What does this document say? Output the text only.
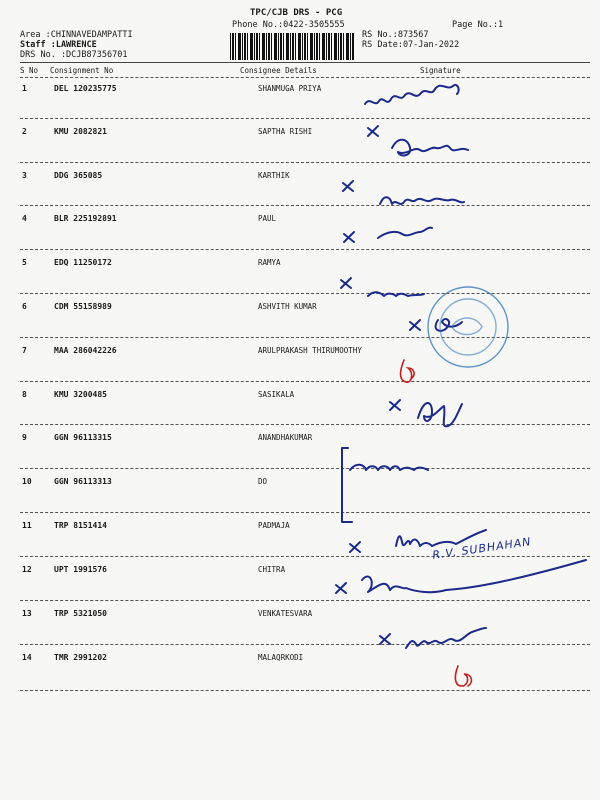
TPC/CJB DRS - PCG
Phone No.:0422-3505555	Page No.:1
Area :CHINNAVEDAMPATTI
Staff :LAWRENCE
DRS No. :DCJB87356701
RS No.:873567
RS Date:07-Jan-2022
S No Consignment No	Consignee Details	Signature
1	DEL 120235775	SHANMUGA PRIYA
2	KMU 2082821	SAPTHA RISHI
3	DDG 365085	KARTHIK
4	BLR 225192891	PAUL
5	EDQ 11250172	RAMYA
6	CDM 55158989	ASHVITH KUMAR
7	MAA 286042226	ARULPRAKASH THIRUMOOTHY
8	KMU 3200485	SASIKALA
9	GGN 96113315	ANANDHAKUMAR
10	GGN 96113313	DO
11	TRP 8151414	PADMAJA
12	UPT 1991576	CHITRA
13	TRP 5321050	VENKATESVARA
14	TMR 2991202	MALAQRKODI
R.V. SUBHAHAN
